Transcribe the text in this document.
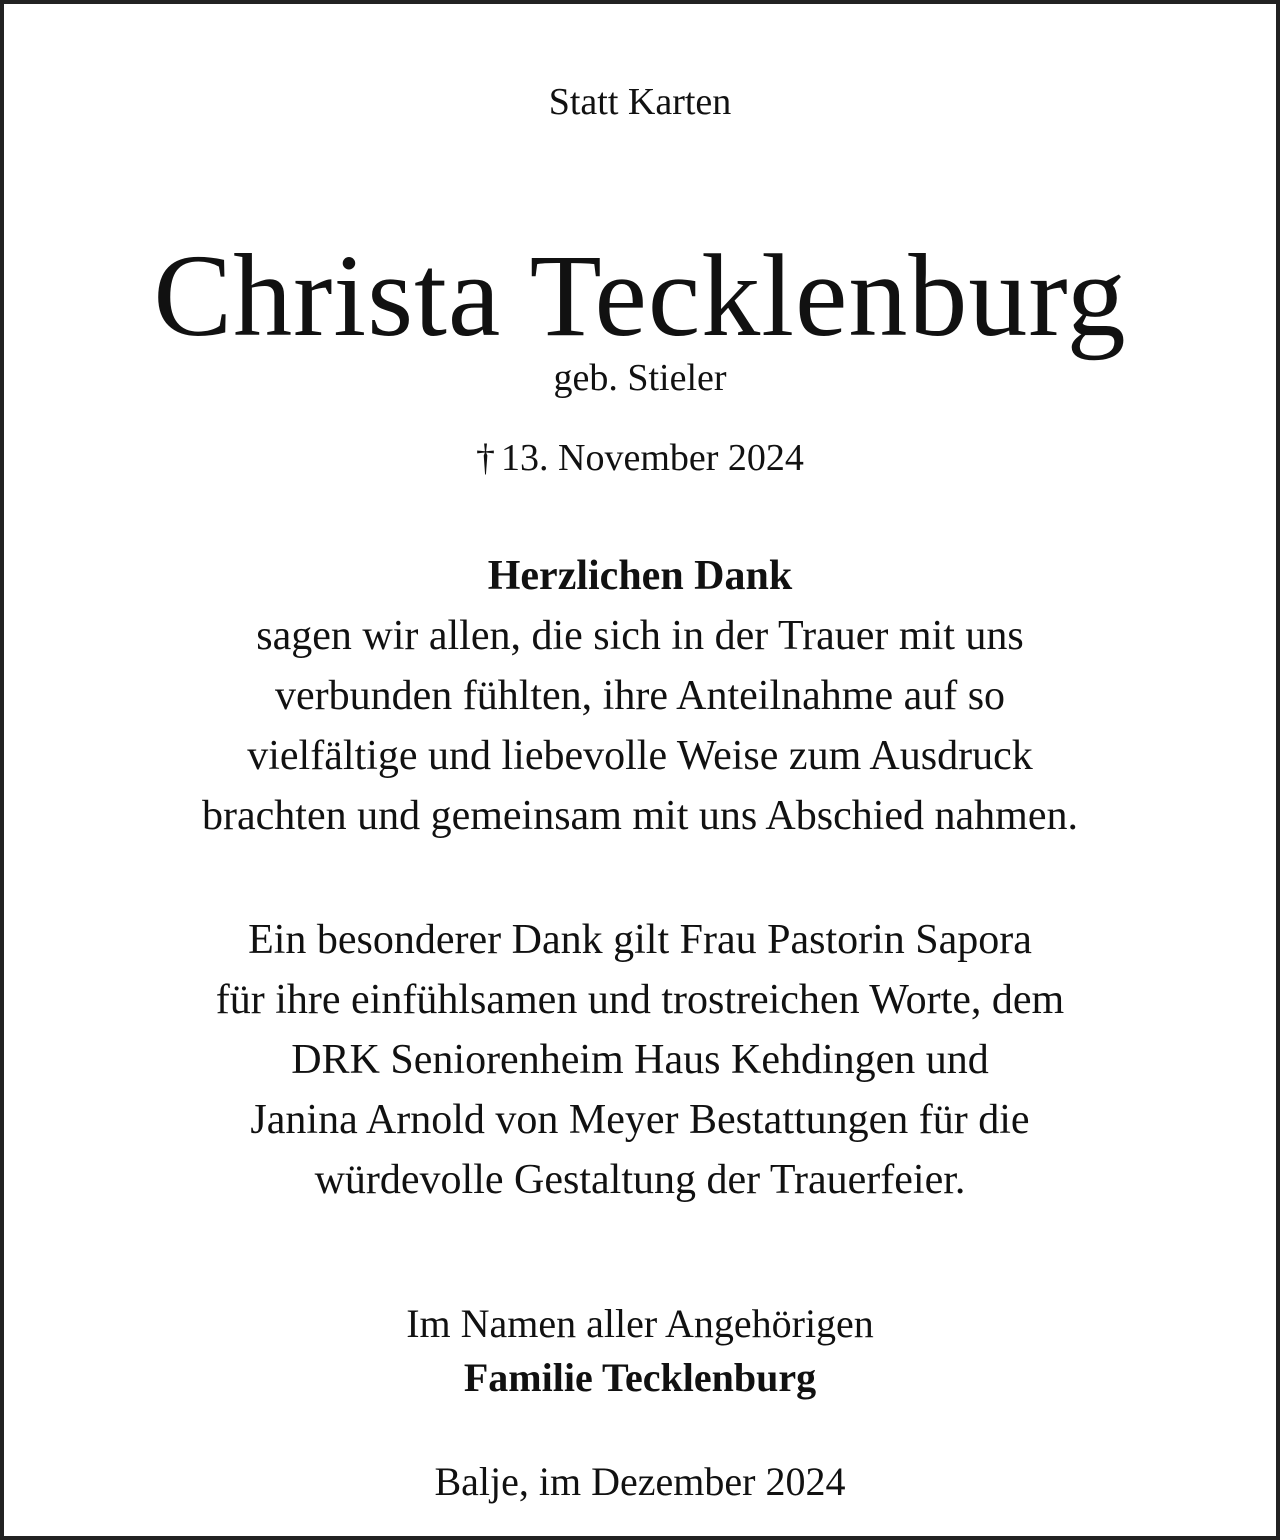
Statt Karten
Christa Tecklenburg
geb. Stieler
† 13. November 2024
Herzlichen Dank
sagen wir allen, die sich in der Trauer mit uns
verbunden fühlten, ihre Anteilnahme auf so
vielfältige und liebevolle Weise zum Ausdruck
brachten und gemeinsam mit uns Abschied nahmen.
Ein besonderer Dank gilt Frau Pastorin Sapora
für ihre einfühlsamen und trostreichen Worte, dem
DRK Seniorenheim Haus Kehdingen und
Janina Arnold von Meyer Bestattungen für die
würdevolle Gestaltung der Trauerfeier.
Im Namen aller Angehörigen
Familie Tecklenburg
Balje, im Dezember 2024
